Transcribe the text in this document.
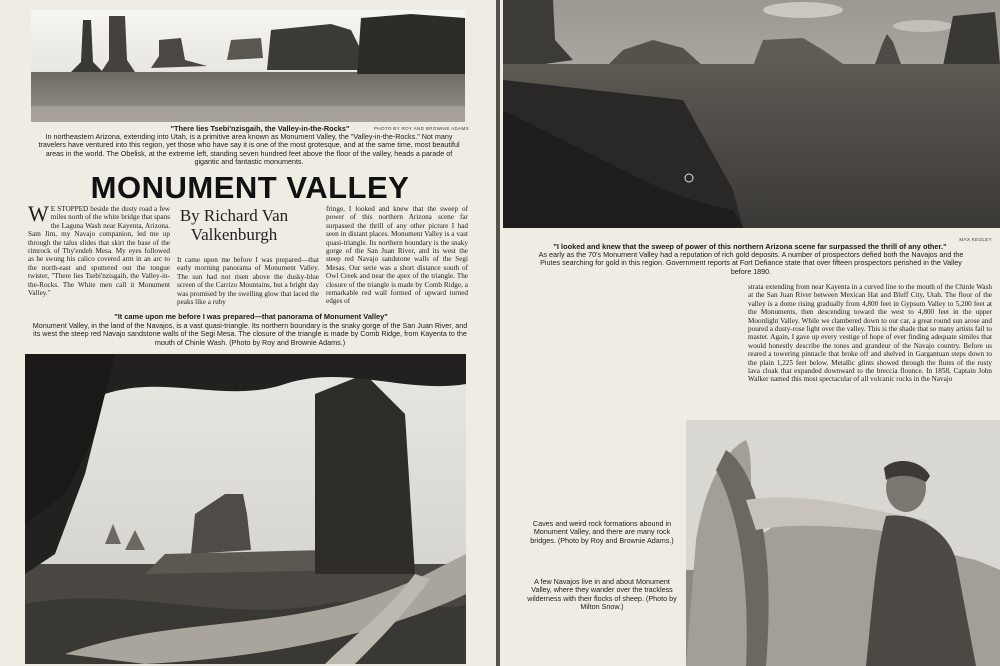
"There lies Tsebi'nzisgaih, the Valley-in-the-Rocks"	PHOTO BY ROY AND BROWNIE ADAMS
In northeastern Arizona, extending into Utah, is a primitive area known as Monument Valley, the "Valley-in-the-Rocks." Not many travelers have ventured into this region, yet those who have say it is one of the most grotesque, and at the same time, most beautiful areas in the world. The Obelisk, at the extreme left, standing seven hundred feet above the floor of the valley, heads a parade of gigantic and fantastic monuments.
MONUMENT VALLEY
W E STOPPED beside the dusty road a few miles north of the white bridge that spans the Laguna Wash near Kayenta, Arizona. Sam Jim, my Navajo companion, led me up through the talus slides that skirt the base of the rimrock of Thy'endeh Mesa. My eyes followed as he swung his calico covered arm in an arc to the north-east and sputtered out the tongue twister, "There lies Tsebi'nzisgaih, the Valley-in-the-Rocks. The White men call it Monument Valley."
By Richard Van Valkenburgh
It came upon me before I was prepared—that early morning panorama of Monument Valley. The sun had not risen above the dusky-blue screen of the Carrizo Mountains, but a bright day was promised by the swelling glow that laced the peaks like a ruby
fringe, I looked and knew that the sweep of power of this northern Arizona scene far surpassed the thrill of any other picture I had seen in distant places. Monument Valley is a vast quasi-triangle. Its northern boundary is the snaky gorge of the San Juan River, and its west the steep red Navajo sandstone walls of the Segi Mesas. Our serie was a short distance south of Owl Creek and near the apex of the triangle. The closure of the triangle is made by Comb Ridge, a remarkable red wall formed of upward turned edges of
"It came upon me before I was prepared—that panorama of Monument Valley"
Monument Valley, in the land of the Navajos, is a vast quasi-triangle. Its northern boundary is the snaky gorge of the San Juan River, and its west the steep red Navajo sandstone walls of the Segi Mesa. The closure of the triangle is made by Comb Ridge, from Kayenta to the mouth of Chinle Wash. (Photo by Roy and Brownie Adams.)
MAX KEGLEY
"I looked and knew that the sweep of power of this northern Arizona scene far surpassed the thrill of any other."
As early as the 70's Monument Valley had a reputation of rich gold deposits. A number of prospectors defied both the Navajos and the Piutes searching for gold in this region. Government reports at Fort Defiance state that over fifteen prospectors perished in the Valley before 1890.
strata extending from near Kayenta in a curved line to the mouth of the Chinle Wash at the San Juan River between Mexican Hat and Bluff City, Utah. The floor of the valley is a dome rising gradually from 4,800 feet in Gypsum Valley to 5,200 feet at the Monuments, then descending toward the west to 4,800 feet in the upper Moonlight Valley. While we clambered down to our car, a great round sun arose and poured a dusty-rose light over the valley. This is the shade that so many artists fail to master. Again, I gave up every vestige of hope of ever finding adequate similes that would honestly describe the tones and grandeur of the Navajo country. Before us reared a towering pinnacle that broke off and shelved in Gargantuan steps down to the plain 1,225 feet below. Metallic glints showed through the flutes of the rusty lava cloak that expanded downward to the breccia flounce. In 1858, Captain John Walker named this most spectacular of all volcanic rocks in the Navajo
Caves and weird rock formations abound in Monument Valley, and there are many rock bridges. (Photo by Roy and Brownie Adams.)
A few Navajos live in and about Monument Valley, where they wander over the trackless wilderness with their flocks of sheep. (Photo by Milton Snow.)
